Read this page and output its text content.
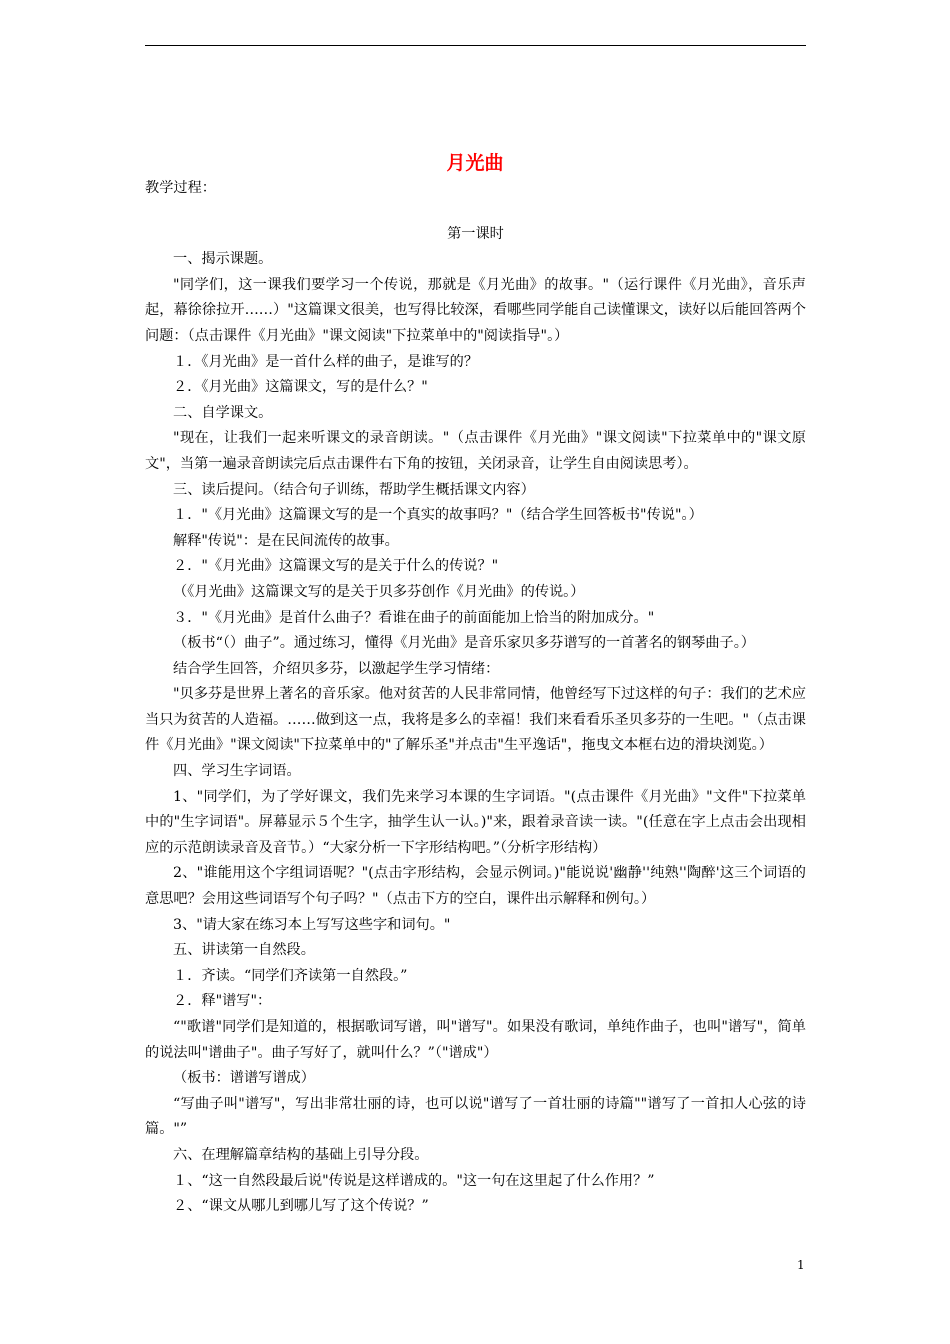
月光曲

教学过程：

第一课时

一、揭示课题。

"同学们，这一课我们要学习一个传说，那就是《月光曲》的故事。"（运行课件《月光曲》，音乐声起，幕徐徐拉开……）"这篇课文很美，也写得比较深，看哪些同学能自己读懂课文，读好以后能回答两个问题：（点击课件《月光曲》"课文阅读"下拉菜单中的"阅读指导"。）

１．《月光曲》是一首什么样的曲子，是谁写的？

２．《月光曲》这篇课文，写的是什么？"

二、自学课文。

"现在，让我们一起来听课文的录音朗读。"（点击课件《月光曲》"课文阅读"下拉菜单中的"课文原文"，当第一遍录音朗读完后点击课件右下角的按钮，关闭录音，让学生自由阅读思考）。

三、读后提问。（结合句子训练，帮助学生概括课文内容）

１．"《月光曲》这篇课文写的是一个真实的故事吗？"（结合学生回答板书"传说"。）

解释"传说"：是在民间流传的故事。

２．"《月光曲》这篇课文写的是关于什么的传说？"

（《月光曲》这篇课文写的是关于贝多芬创作《月光曲》的传说。）

３．"《月光曲》是首什么曲子？看谁在曲子的前面能加上恰当的附加成分。"

（板书“（）曲子”。通过练习，懂得《月光曲》是音乐家贝多芬谱写的一首著名的钢琴曲子。）

结合学生回答，介绍贝多芬，以激起学生学习情绪：

"贝多芬是世界上著名的音乐家。他对贫苦的人民非常同情，他曾经写下过这样的句子：我们的艺术应当只为贫苦的人造福。……做到这一点，我将是多么的幸福！我们来看看乐圣贝多芬的一生吧。"（点击课件《月光曲》"课文阅读"下拉菜单中的"了解乐圣"并点击"生平逸话"，拖曳文本框右边的滑块浏览。）

四、学习生字词语。

1、"同学们，为了学好课文，我们先来学习本课的生字词语。"(点击课件《月光曲》"文件"下拉菜单中的"生字词语"。屏幕显示５个生字，抽学生认一认。)"来，跟着录音读一读。"(任意在字上点击会出现相应的示范朗读录音及音节。）“大家分析一下字形结构吧。”（分析字形结构）

2、"谁能用这个字组词语呢？"(点击字形结构，会显示例词。)"能说说'幽静''纯熟''陶醉'这三个词语的意思吧？会用这些词语写个句子吗？"（点击下方的空白，课件出示解释和例句。）

3、"请大家在练习本上写写这些字和词句。"

五、讲读第一自然段。

１．齐读。“同学们齐读第一自然段。”

２．释"谱写"：

“"歌谱"同学们是知道的，根据歌词写谱，叫"谱写"。如果没有歌词，单纯作曲子，也叫"谱写"，简单的说法叫"谱曲子"。曲子写好了，就叫什么？”（"谱成"）

（板书：谱谱写谱成）

“写曲子叫"谱写"，写出非常壮丽的诗，也可以说"谱写了一首壮丽的诗篇""谱写了一首扣人心弦的诗篇。"”

六、在理解篇章结构的基础上引导分段。

１、“这一自然段最后说"传说是这样谱成的。"这一句在这里起了什么作用？”

２、“课文从哪儿到哪儿写了这个传说？”

1
